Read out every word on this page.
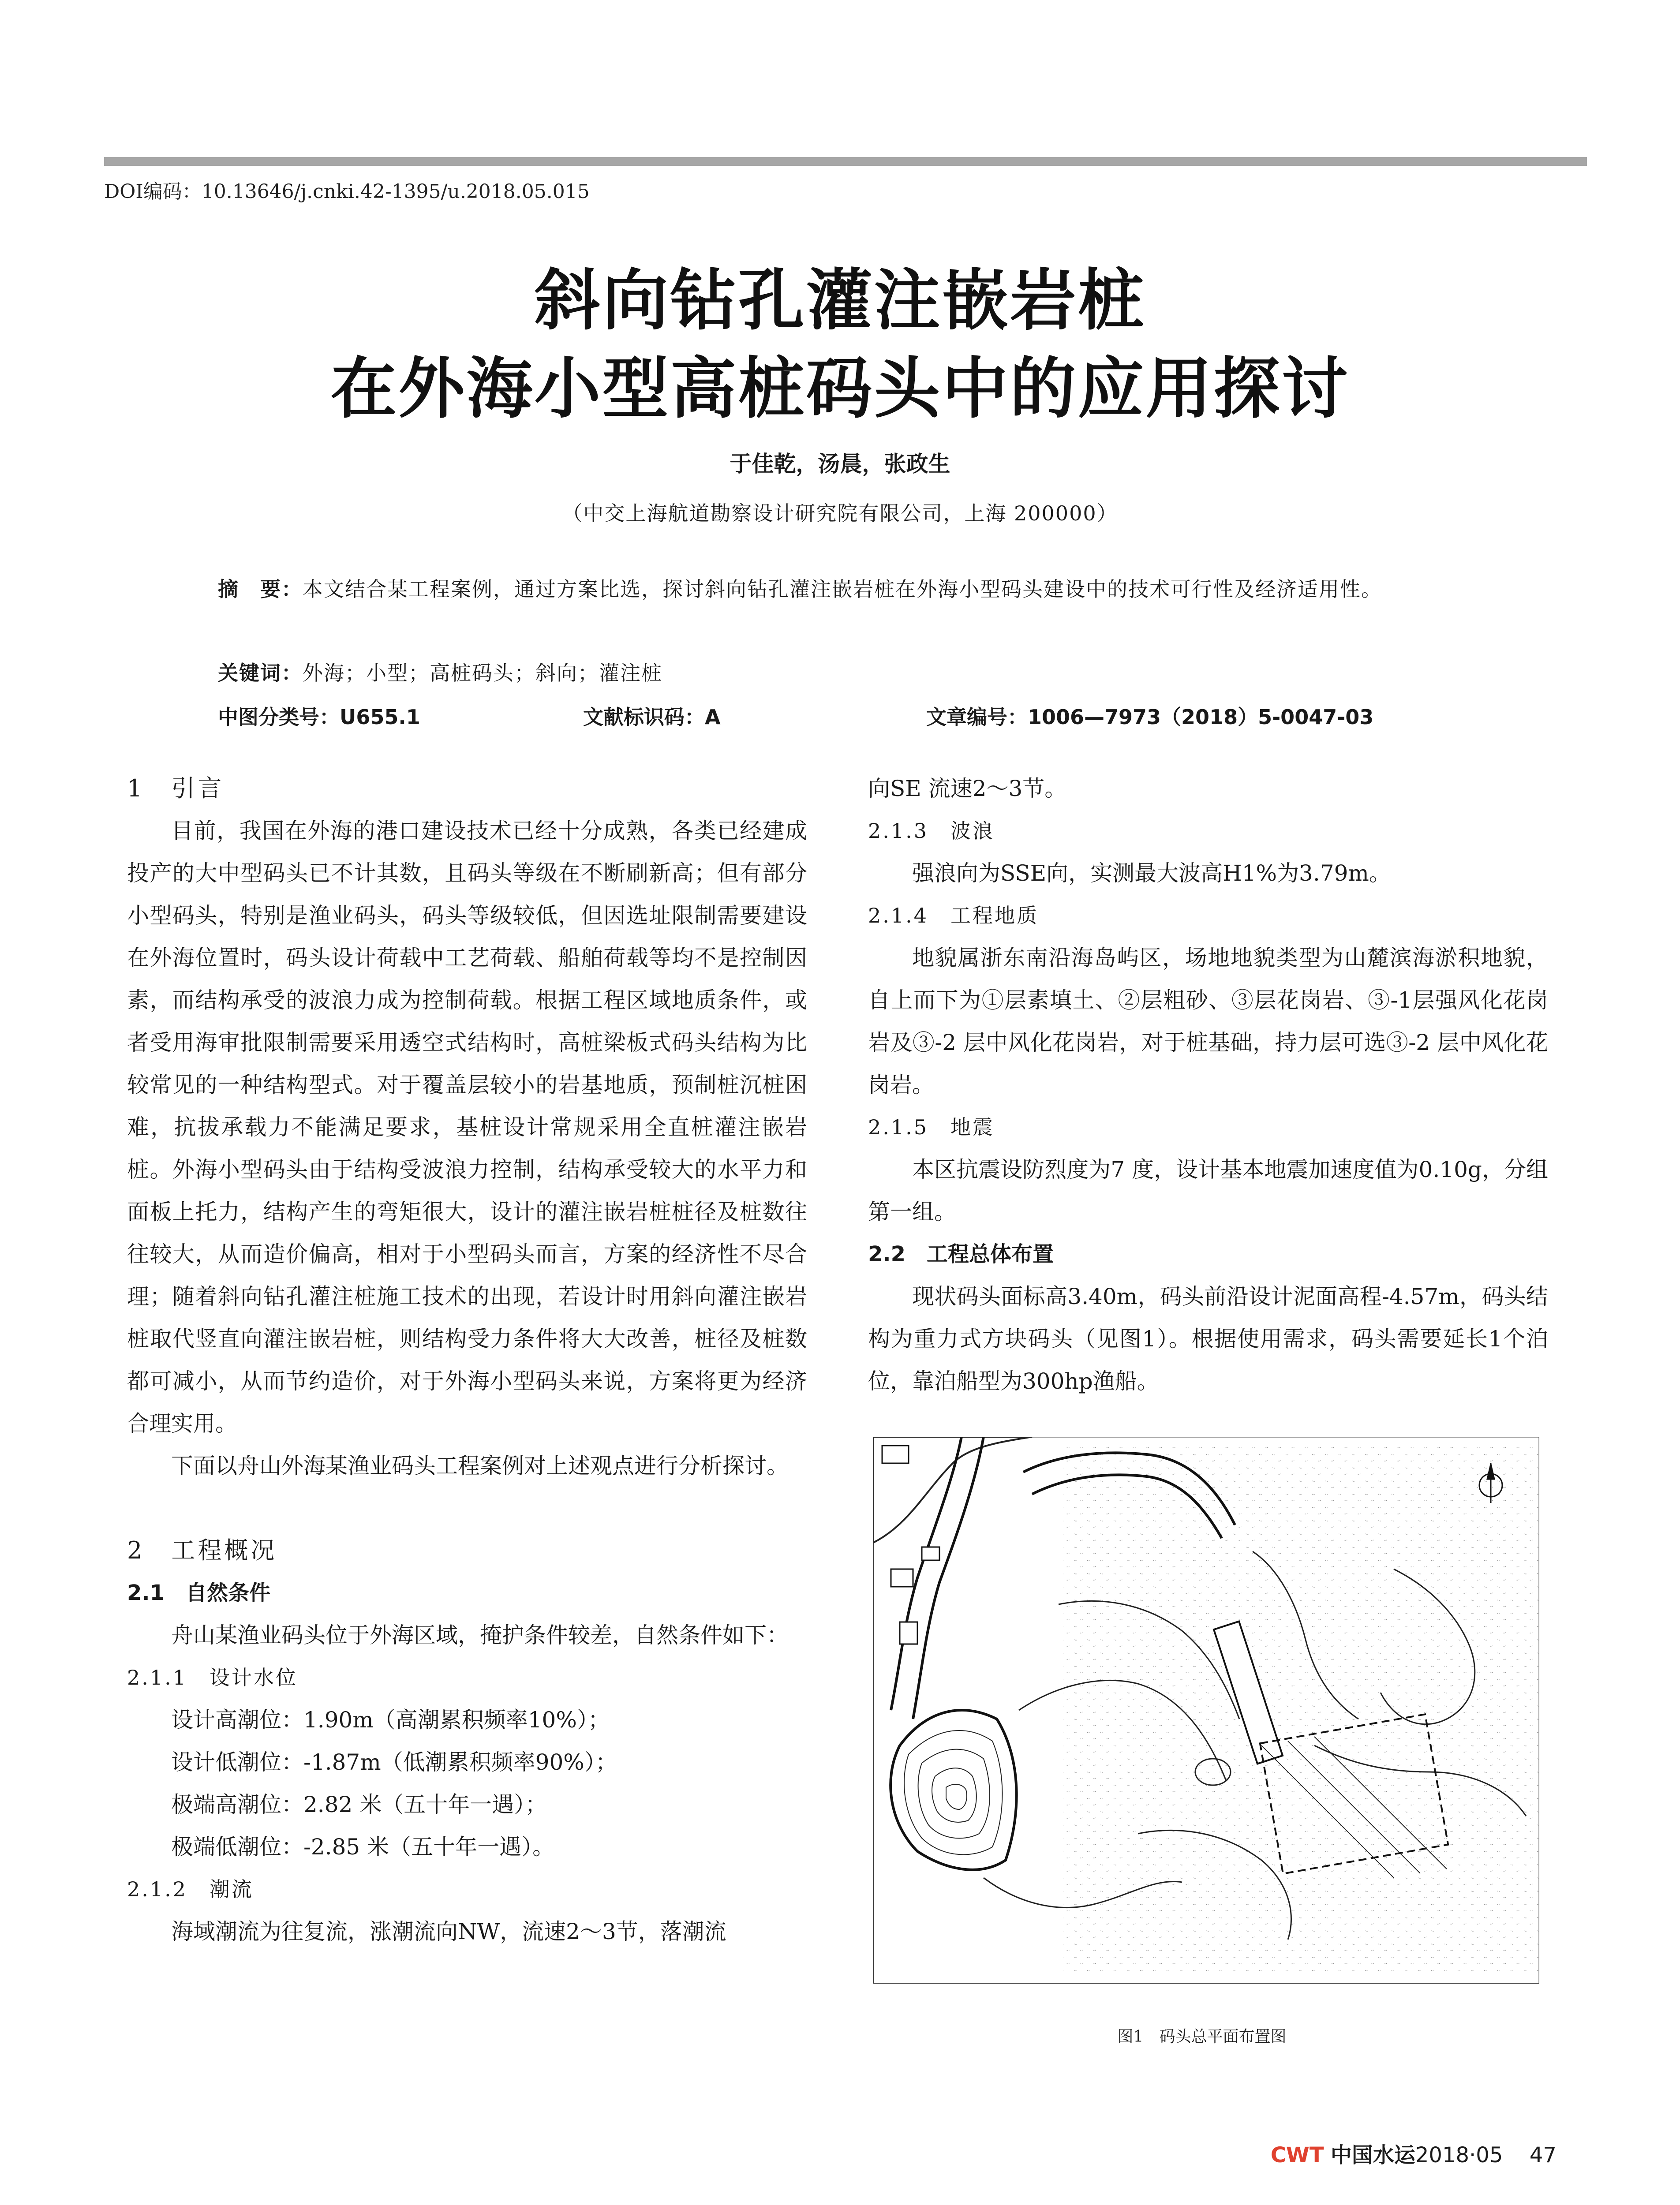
DOI编码：10.13646/j.cnki.42-1395/u.2018.05.015
斜向钻孔灌注嵌岩桩
在外海小型高桩码头中的应用探讨
于佳乾，汤晨，张政生
（中交上海航道勘察设计研究院有限公司，上海 200000）
摘　要：本文结合某工程案例，通过方案比选，探讨斜向钻孔灌注嵌岩桩在外海小型码头建设中的技术可行性及经济适用性。
关键词：外海；小型；高桩码头；斜向；灌注桩
中图分类号：U655.1	文献标识码：A	文章编号：1006—7973（2018）5-0047-03

1　引言

目前，我国在外海的港口建设技术已经十分成熟，各类已经建成投产的大中型码头已不计其数，且码头等级在不断刷新高；但有部分小型码头，特别是渔业码头，码头等级较低，但因选址限制需要建设在外海位置时，码头设计荷载中工艺荷载、船舶荷载等均不是控制因素，而结构承受的波浪力成为控制荷载。根据工程区域地质条件，或者受用海审批限制需要采用透空式结构时，高桩梁板式码头结构为比较常见的一种结构型式。对于覆盖层较小的岩基地质，预制桩沉桩困难，抗拔承载力不能满足要求，基桩设计常规采用全直桩灌注嵌岩桩。外海小型码头由于结构受波浪力控制，结构承受较大的水平力和面板上托力，结构产生的弯矩很大，设计的灌注嵌岩桩桩径及桩数往往较大，从而造价偏高，相对于小型码头而言，方案的经济性不尽合理；随着斜向钻孔灌注桩施工技术的出现，若设计时用斜向灌注嵌岩桩取代竖直向灌注嵌岩桩，则结构受力条件将大大改善，桩径及桩数都可减小，从而节约造价，对于外海小型码头来说，方案将更为经济合理实用。

下面以舟山外海某渔业码头工程案例对上述观点进行分析探讨。

2　工程概况

2.1　自然条件

舟山某渔业码头位于外海区域，掩护条件较差，自然条件如下：

2.1.1　设计水位

设计高潮位：1.90m（高潮累积频率10%）；

设计低潮位：-1.87m（低潮累积频率90%）；

极端高潮位：2.82 米（五十年一遇）；

极端低潮位：-2.85 米（五十年一遇）。

2.1.2　潮流

海域潮流为往复流，涨潮流向NW，流速2～3节，落潮流

向SE 流速2～3节。

2.1.3　波浪

强浪向为SSE向，实测最大波高H1%为3.79m。

2.1.4　工程地质

地貌属浙东南沿海岛屿区，场地地貌类型为山麓滨海淤积地貌，自上而下为①层素填土、②层粗砂、③层花岗岩、③-1层强风化花岗岩及③-2 层中风化花岗岩，对于桩基础，持力层可选③-2 层中风化花岗岩。

2.1.5　地震

本区抗震设防烈度为7 度，设计基本地震加速度值为0.10g，分组第一组。

2.2　工程总体布置

现状码头面标高3.40m，码头前沿设计泥面高程-4.57m，码头结构为重力式方块码头（见图1）。根据使用需求，码头需要延长1个泊位，靠泊船型为300hp渔船。

图1　码头总平面布置图
CWT 中国水运2018·05 47
